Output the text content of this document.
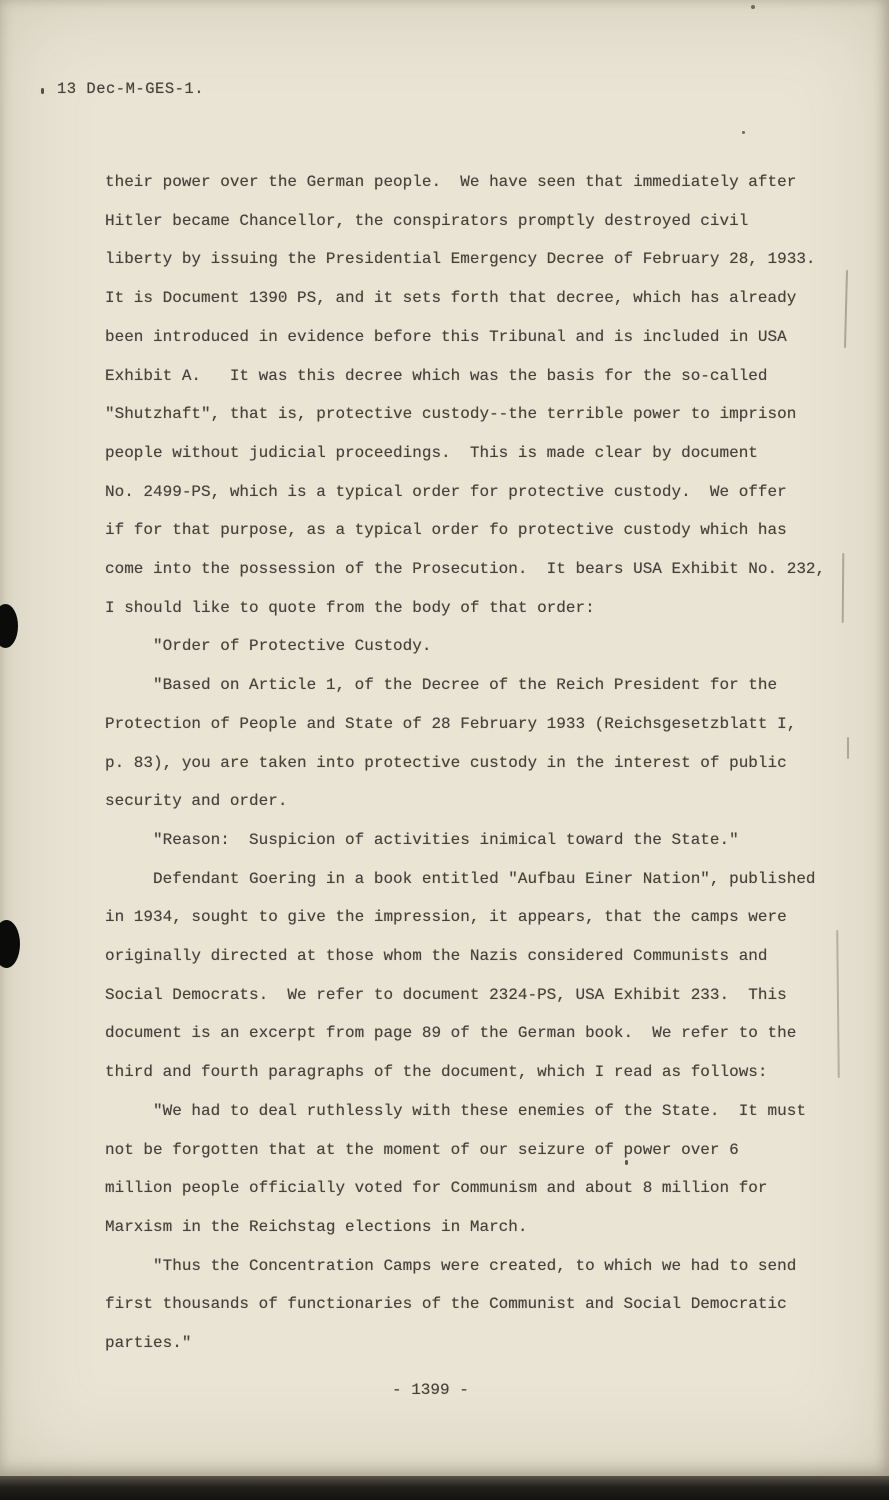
13 Dec-M-GES-1.
their power over the German people.  We have seen that immediately after
Hitler became Chancellor, the conspirators promptly destroyed civil
liberty by issuing the Presidential Emergency Decree of February 28, 1933.
It is Document 1390 PS, and it sets forth that decree, which has already
been introduced in evidence before this Tribunal and is included in USA
Exhibit A.   It was this decree which was the basis for the so-called
"Shutzhaft", that is, protective custody--the terrible power to imprison
people without judicial proceedings.  This is made clear by document
No. 2499-PS, which is a typical order for protective custody.  We offer
if for that purpose, as a typical order fo protective custody which has
come into the possession of the Prosecution.  It bears USA Exhibit No. 232,
I should like to quote from the body of that order:
"Order of Protective Custody.
"Based on Article 1, of the Decree of the Reich President for the
Protection of People and State of 28 February 1933 (Reichsgesetzblatt I,
p. 83), you are taken into protective custody in the interest of public
security and order.
"Reason:  Suspicion of activities inimical toward the State."
Defendant Goering in a book entitled "Aufbau Einer Nation", published
in 1934, sought to give the impression, it appears, that the camps were
originally directed at those whom the Nazis considered Communists and
Social Democrats.  We refer to document 2324-PS, USA Exhibit 233.  This
document is an excerpt from page 89 of the German book.  We refer to the
third and fourth paragraphs of the document, which I read as follows:
"We had to deal ruthlessly with these enemies of the State.  It must
not be forgotten that at the moment of our seizure of power over 6
million people officially voted for Communism and about 8 million for
Marxism in the Reichstag elections in March.
"Thus the Concentration Camps were created, to which we had to send
first thousands of functionaries of the Communist and Social Democratic
parties."
- 1399 -
